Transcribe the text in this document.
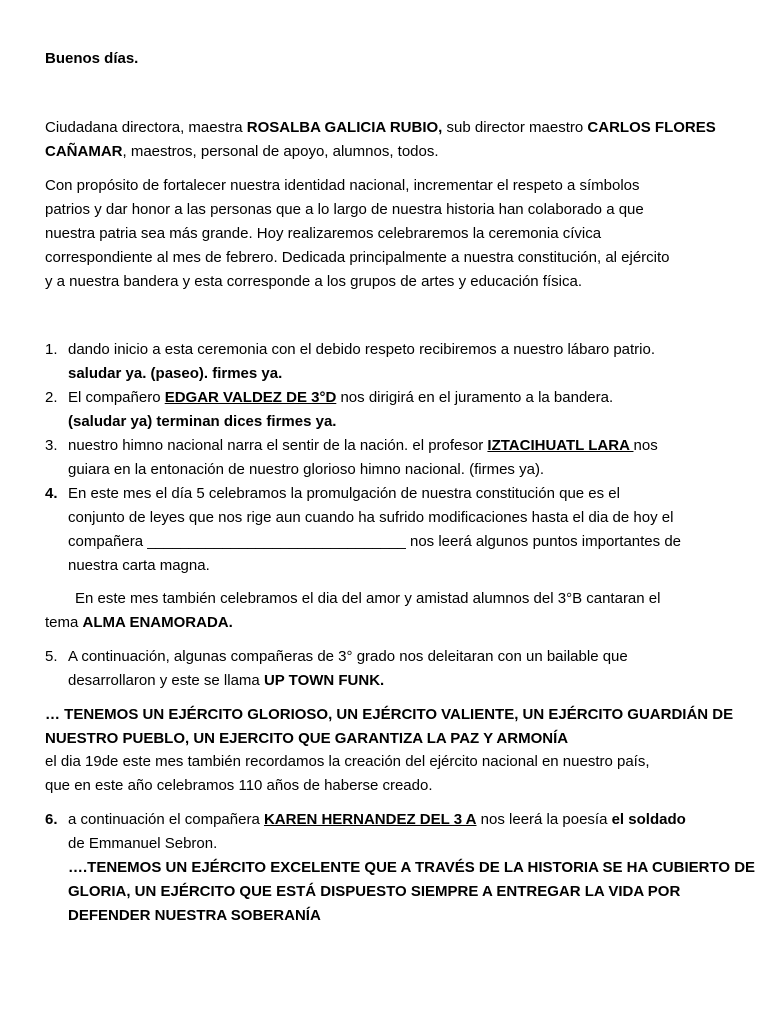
Buenos días.
Ciudadana directora, maestra ROSALBA GALICIA RUBIO, sub director maestro CARLOS FLORES
CAÑAMAR, maestros, personal de apoyo, alumnos, todos.
Con propósito de fortalecer nuestra identidad nacional, incrementar el respeto a símbolos
patrios y dar honor a las personas que a lo largo de nuestra historia han colaborado a que
nuestra patria sea más grande. Hoy realizaremos celebraremos la ceremonia cívica
correspondiente al mes de febrero. Dedicada principalmente a nuestra constitución, al ejército
y a nuestra bandera y esta corresponde a los grupos de artes y educación física.
1. dando inicio a esta ceremonia con el debido respeto recibiremos a nuestro lábaro patrio.
saludar ya. (paseo). firmes ya.
2. El compañero EDGAR VALDEZ DE 3°D nos dirigirá en el juramento a la bandera.
(saludar ya) terminan dices firmes ya.
3. nuestro himno nacional narra el sentir de la nación. el profesor IZTACIHUATL LARA nos
guiara en la entonación de nuestro glorioso himno nacional. (firmes ya).
4. En este mes el día 5 celebramos la promulgación de nuestra constitución que es el
conjunto de leyes que nos rige aun cuando ha sufrido modificaciones hasta el dia de hoy el
compañera _______________________________ nos leerá algunos puntos importantes de
nuestra carta magna.
En este mes también celebramos el dia del amor y amistad alumnos del 3°B cantaran el
tema ALMA ENAMORADA.
5. A continuación, algunas compañeras de 3° grado nos deleitaran con un bailable que
desarrollaron y este se llama UP TOWN FUNK.
… TENEMOS UN EJÉRCITO GLORIOSO, UN EJÉRCITO VALIENTE, UN EJÉRCITO GUARDIÁN DE
NUESTRO PUEBLO, UN EJERCITO QUE GARANTIZA LA PAZ Y ARMONÍA
el dia 19de este mes también recordamos la creación del ejército nacional en nuestro país,
que en este año celebramos 110 años de haberse creado.
6. a continuación el compañera KAREN HERNANDEZ DEL 3 A nos leerá la poesía el soldado
de Emmanuel Sebron.
….TENEMOS UN EJÉRCITO EXCELENTE QUE A TRAVÉS DE LA HISTORIA SE HA CUBIERTO DE
GLORIA, UN EJÉRCITO QUE ESTÁ DISPUESTO SIEMPRE A ENTREGAR LA VIDA POR
DEFENDER NUESTRA SOBERANÍA
